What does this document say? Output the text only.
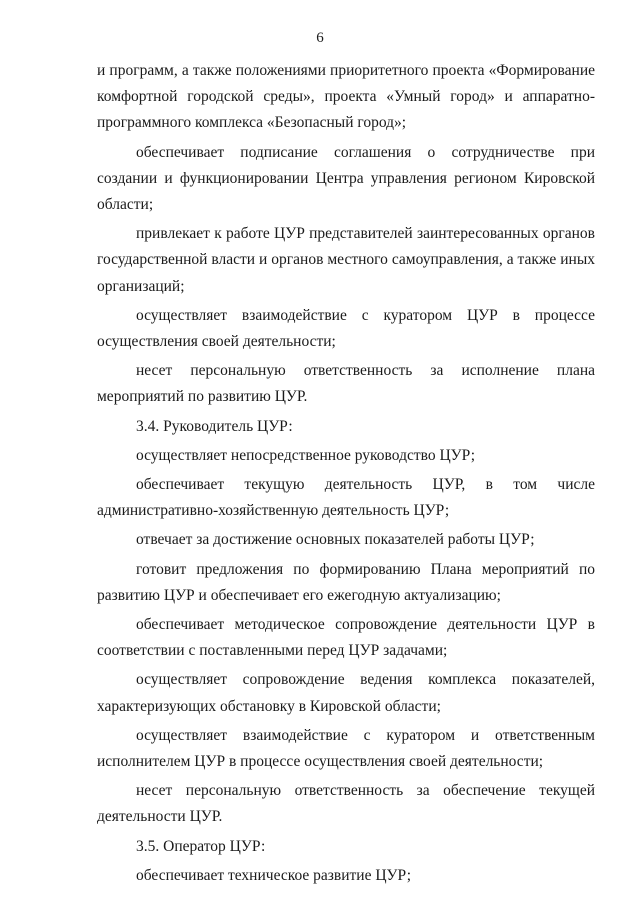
6

и программ, а также положениями приоритетного проекта «Формирование комфортной городской среды», проекта «Умный город» и аппаратно-программного комплекса «Безопасный город»;

обеспечивает подписание соглашения о сотрудничестве при создании и функционировании Центра управления регионом Кировской области;

привлекает к работе ЦУР представителей заинтересованных органов государственной власти и органов местного самоуправления, а также иных организаций;

осуществляет взаимодействие с куратором ЦУР в процессе осуществления своей деятельности;

несет персональную ответственность за исполнение плана мероприятий по развитию ЦУР.

3.4. Руководитель ЦУР:

осуществляет непосредственное руководство ЦУР;

обеспечивает текущую деятельность ЦУР, в том числе административно-хозяйственную деятельность ЦУР;

отвечает за достижение основных показателей работы ЦУР;

готовит предложения по формированию Плана мероприятий по развитию ЦУР и обеспечивает его ежегодную актуализацию;

обеспечивает методическое сопровождение деятельности ЦУР в соответствии с поставленными перед ЦУР задачами;

осуществляет сопровождение ведения комплекса показателей, характеризующих обстановку в Кировской области;

осуществляет взаимодействие с куратором и ответственным исполнителем ЦУР в процессе осуществления своей деятельности;

несет персональную ответственность за обеспечение текущей деятельности ЦУР.

3.5. Оператор ЦУР:

обеспечивает техническое развитие ЦУР;
